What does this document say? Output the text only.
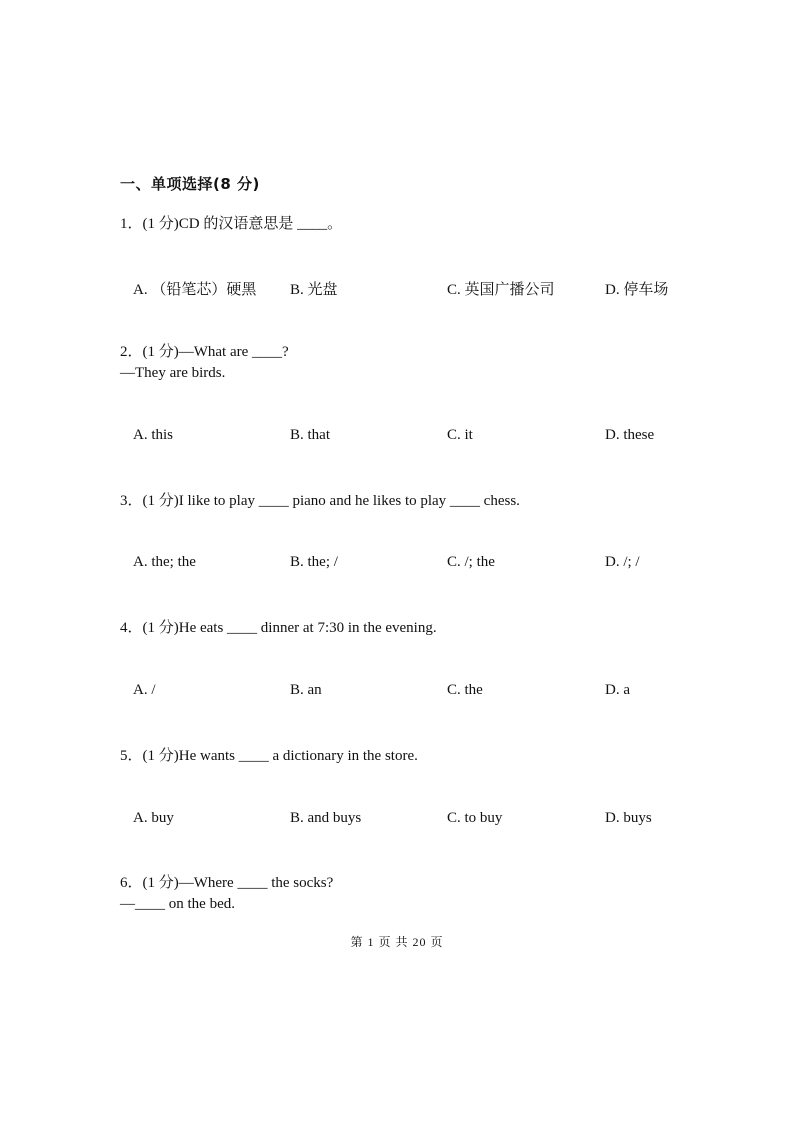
一、单项选择(8 分)
1．(1 分)CD 的汉语意思是 ____。
A. （铅笔芯）硬黑 B. 光盘	C. 英国广播公司	D. 停车场
2．(1 分)—What are ____?
—They are birds.
A. this	B. that	C. it	D. these
3．(1 分)I like to play ____ piano and he likes to play ____ chess.
A. the; the	B. the; /	C. /; the	D. /; /
4．(1 分)He eats ____ dinner at 7:30 in the evening.
A. /	B. an	C. the	D. a
5．(1 分)He wants ____ a dictionary in the store.
A. buy	B. and buys	C. to buy	D. buys
6．(1 分)—Where ____ the socks?
—____ on the bed.
第 1 页 共 20 页
